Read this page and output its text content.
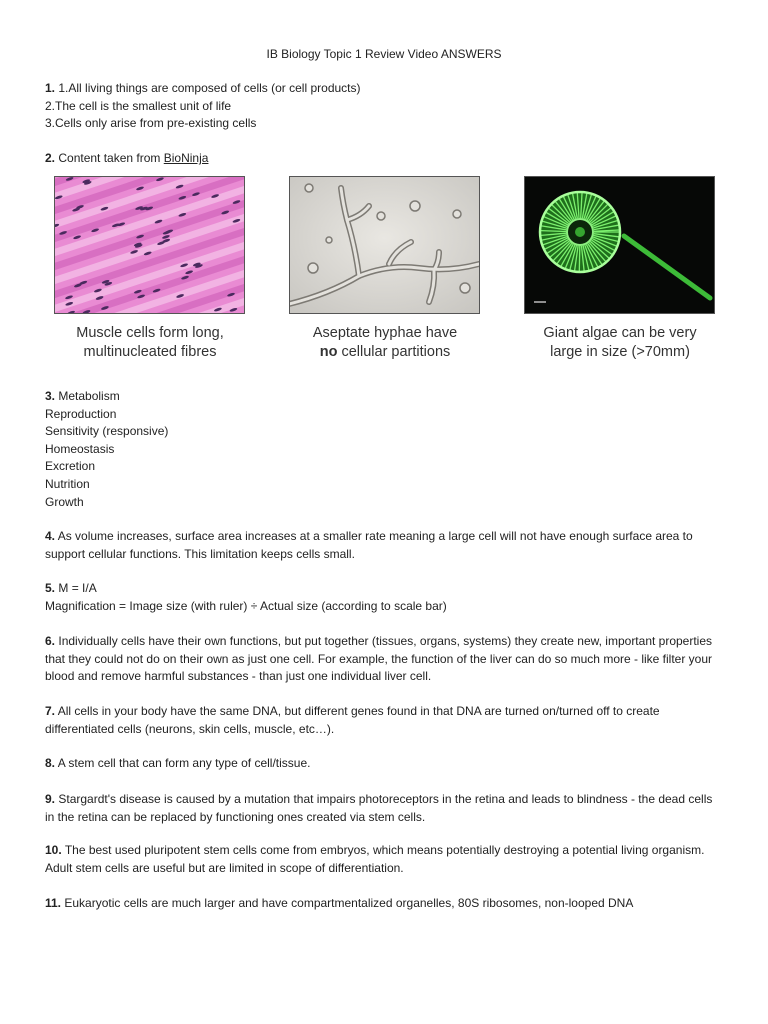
IB Biology Topic 1 Review Video ANSWERS
1. 1.All living things are composed of cells (or cell products)
2.The cell is the smallest unit of life
3.Cells only arise from pre-existing cells
2. Content taken from BioNinja
Muscle cells form long,
multinucleated fibres
Aseptate hyphae have
no cellular partitions
Giant algae can be very
large in size (>70mm)
3. Metabolism
Reproduction
Sensitivity (responsive)
Homeostasis
Excretion
Nutrition
Growth
4. As volume increases, surface area increases at a smaller rate meaning a large cell will not have enough surface area to support cellular functions. This limitation keeps cells small.
5. M = I/A
Magnification = Image size (with ruler) ÷ Actual size (according to scale bar)
6. Individually cells have their own functions, but put together (tissues, organs, systems) they create new, important properties that they could not do on their own as just one cell. For example, the function of the liver can do so much more - like filter your blood and remove harmful substances - than just one individual liver cell.
7. All cells in your body have the same DNA, but different genes found in that DNA are turned on/turned off to create differentiated cells (neurons, skin cells, muscle, etc…).
8. A stem cell that can form any type of cell/tissue.
9. Stargardt's disease is caused by a mutation that impairs photoreceptors in the retina and leads to blindness - the dead cells in the retina can be replaced by functioning ones created via stem cells.
10. The best used pluripotent stem cells come from embryos, which means potentially destroying a potential living organism. Adult stem cells are useful but are limited in scope of differentiation.
11. Eukaryotic cells are much larger and have compartmentalized organelles, 80S ribosomes, non-looped DNA
